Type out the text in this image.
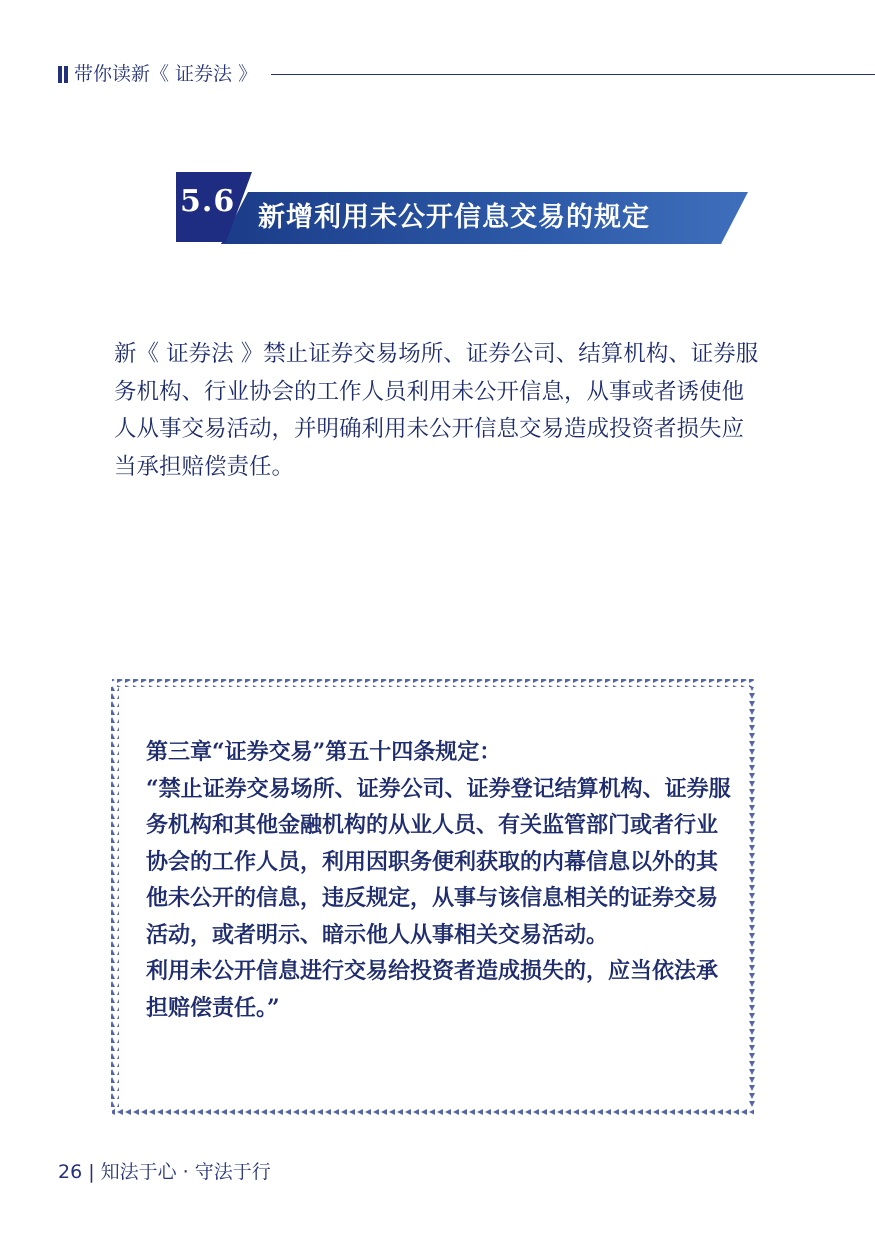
带你读新《 证券法 》
5.6 新增利用未公开信息交易的规定

新《 证券法 》禁止证券交易场所、证券公司、结算机构、证券服务机构、行业协会的工作人员利用未公开信息，从事或者诱使他人从事交易活动，并明确利用未公开信息交易造成投资者损失应当承担赔偿责任。

第三章“证券交易”第五十四条规定：

“禁止证券交易场所、证券公司、证券登记结算机构、证券服务机构和其他金融机构的从业人员、有关监管部门或者行业协会的工作人员，利用因职务便利获取的内幕信息以外的其他未公开的信息，违反规定，从事与该信息相关的证券交易活动，或者明示、暗示他人从事相关交易活动。

利用未公开信息进行交易给投资者造成损失的，应当依法承担赔偿责任。”

26 | 知法于心 · 守法于行
